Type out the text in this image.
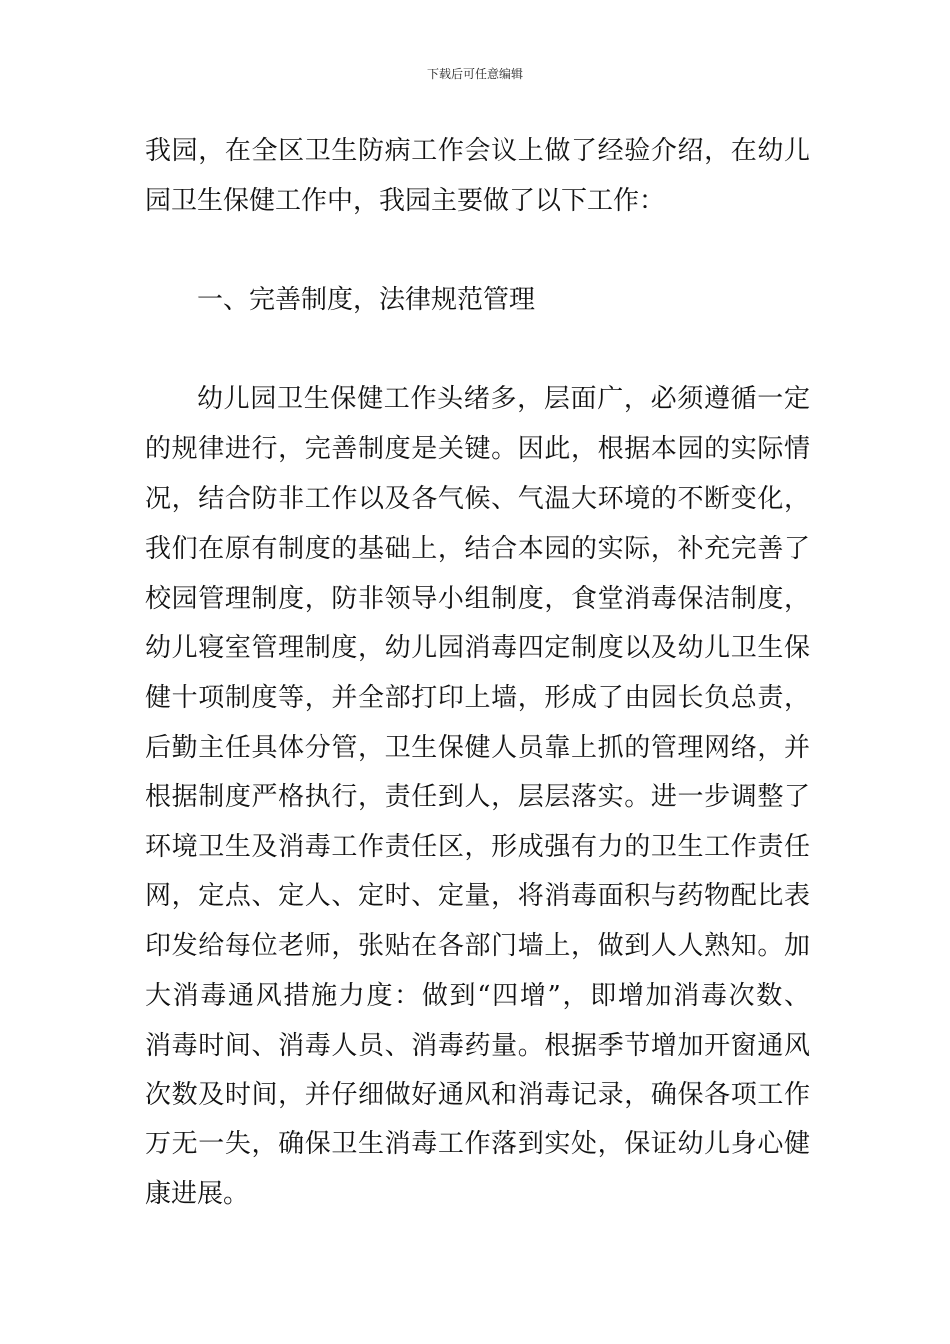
下载后可任意编辑
我园，在全区卫生防病工作会议上做了经验介绍，在幼儿
园卫生保健工作中，我园主要做了以下工作：
一、完善制度，法律规范管理
幼儿园卫生保健工作头绪多，层面广，必须遵循一定
的规律进行，完善制度是关键。因此，根据本园的实际情
况，结合防非工作以及各气候、气温大环境的不断变化，
我们在原有制度的基础上，结合本园的实际，补充完善了
校园管理制度，防非领导小组制度，食堂消毒保洁制度，
幼儿寝室管理制度，幼儿园消毒四定制度以及幼儿卫生保
健十项制度等，并全部打印上墙，形成了由园长负总责，
后勤主任具体分管，卫生保健人员靠上抓的管理网络，并
根据制度严格执行，责任到人，层层落实。进一步调整了
环境卫生及消毒工作责任区，形成强有力的卫生工作责任
网，定点、定人、定时、定量，将消毒面积与药物配比表
印发给每位老师，张贴在各部门墙上，做到人人熟知。加
大消毒通风措施力度：做到“四增”，即增加消毒次数、
消毒时间、消毒人员、消毒药量。根据季节增加开窗通风
次数及时间，并仔细做好通风和消毒记录，确保各项工作
万无一失，确保卫生消毒工作落到实处，保证幼儿身心健
康进展。
